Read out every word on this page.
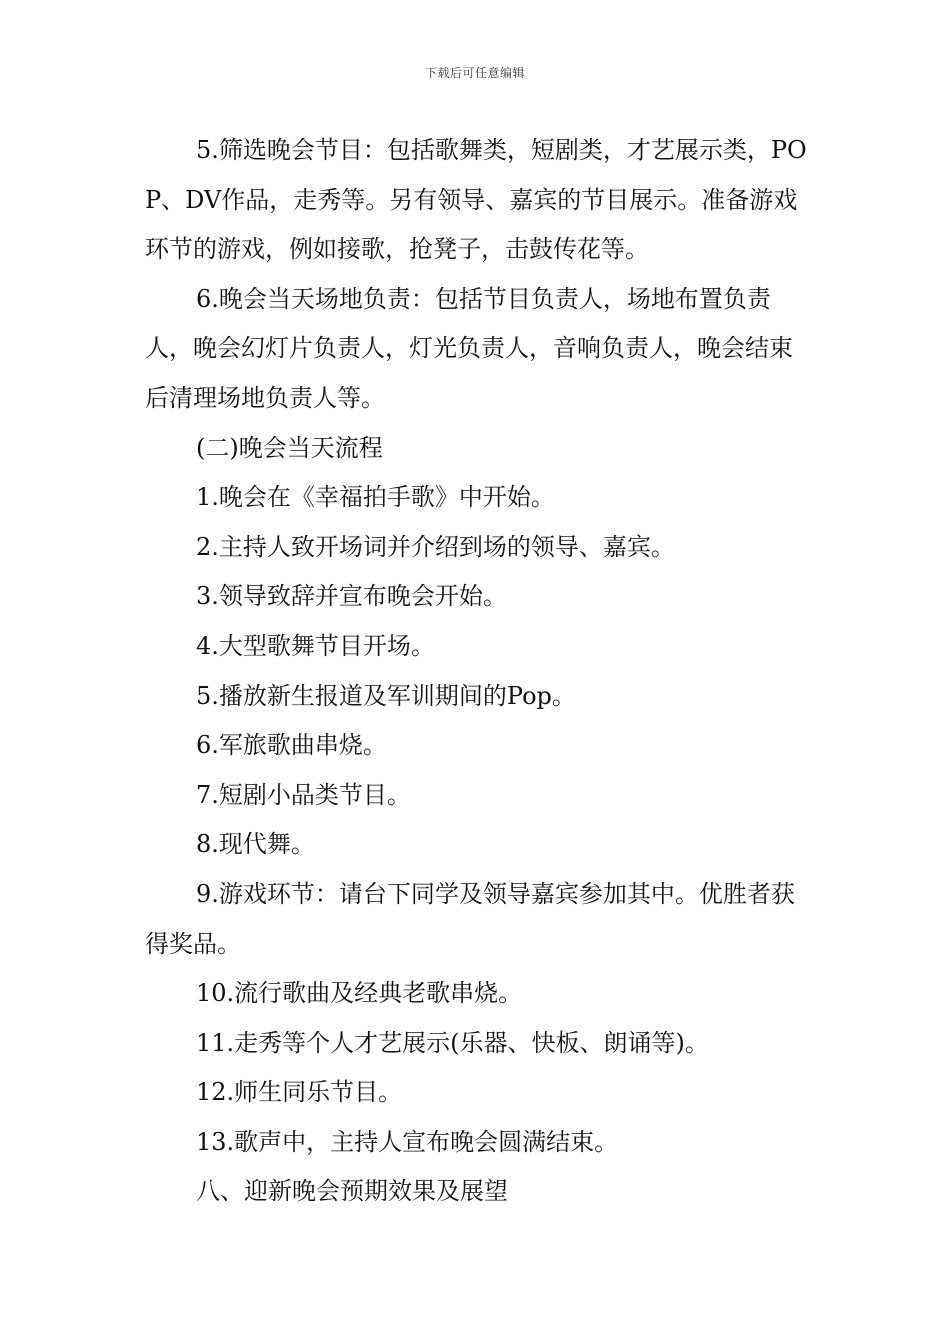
下载后可任意编辑

5.筛选晚会节目：包括歌舞类，短剧类，才艺展示类，POP、DV作品，走秀等。另有领导、嘉宾的节目展示。准备游戏环节的游戏，例如接歌，抢凳子，击鼓传花等。

6.晚会当天场地负责：包括节目负责人，场地布置负责人，晚会幻灯片负责人，灯光负责人，音响负责人，晚会结束后清理场地负责人等。

(二)晚会当天流程

1.晚会在《幸福拍手歌》中开始。

2.主持人致开场词并介绍到场的领导、嘉宾。

3.领导致辞并宣布晚会开始。

4.大型歌舞节目开场。

5.播放新生报道及军训期间的Pop。

6.军旅歌曲串烧。

7.短剧小品类节目。

8.现代舞。

9.游戏环节：请台下同学及领导嘉宾参加其中。优胜者获得奖品。

10.流行歌曲及经典老歌串烧。

11.走秀等个人才艺展示(乐器、快板、朗诵等)。

12.师生同乐节目。

13.歌声中，主持人宣布晚会圆满结束。

八、迎新晚会预期效果及展望
